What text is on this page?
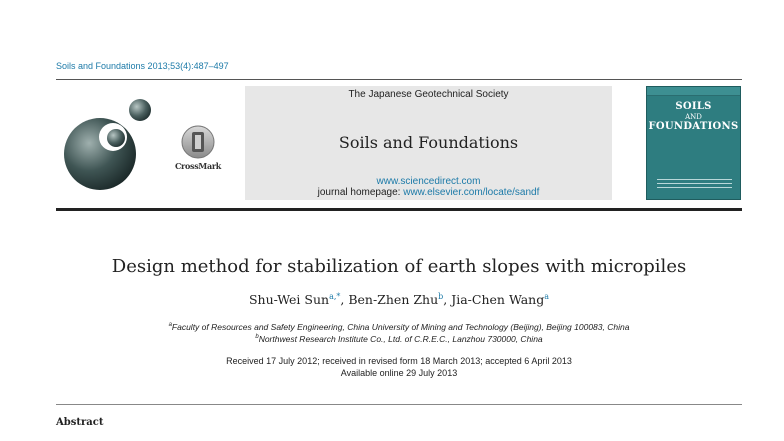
Soils and Foundations 2013;53(4):487–497
CrossMark
The Japanese Geotechnical Society
Soils and Foundations
www.sciencedirect.com
journal homepage: www.elsevier.com/locate/sandf
SOILS
AND
FOUNDATIONS
Design method for stabilization of earth slopes with micropiles
Shu-Wei Sun$^{a,*}$, Ben-Zhen Zhu$^b$, Jia-Chen Wang$^a$
$^a$Faculty of Resources and Safety Engineering, China University of Mining and Technology (Beijing), Beijing 100083, China
$^b$Northwest Research Institute Co., Ltd. of C.R.E.C., Lanzhou 730000, China
Received 17 July 2012; received in revised form 18 March 2013; accepted 6 April 2013
Available online 29 July 2013
Abstract
